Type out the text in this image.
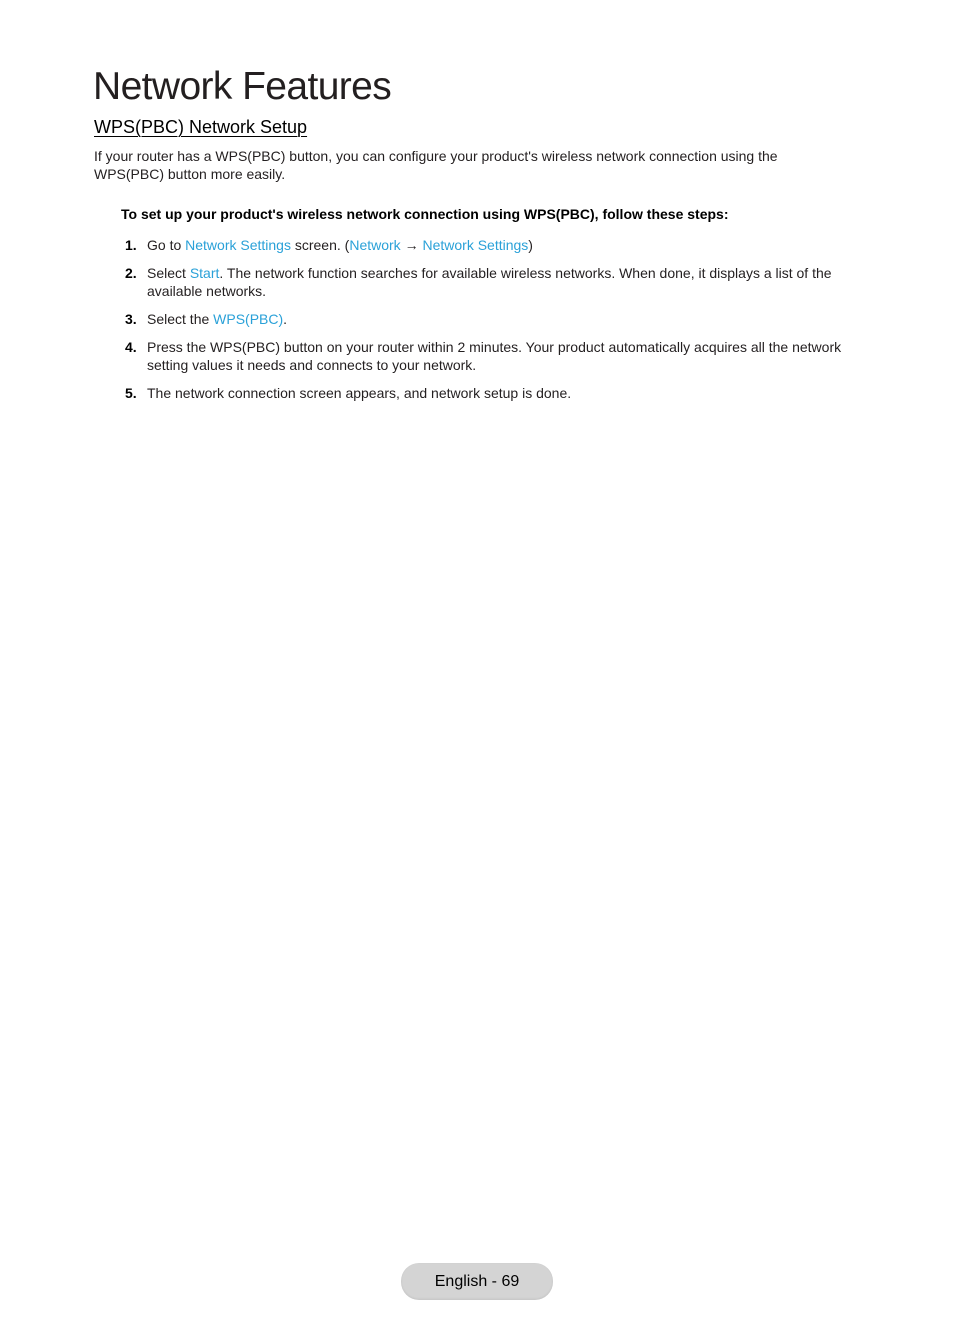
Network Features
WPS(PBC) Network Setup

If your router has a WPS(PBC) button, you can configure your product's wireless network connection using the WPS(PBC) button more easily.

To set up your product's wireless network connection using WPS(PBC), follow these steps:

1. Go to Network Settings screen. (Network → Network Settings)
2. Select Start. The network function searches for available wireless networks. When done, it displays a list of the available networks.
3. Select the WPS(PBC).
4. Press the WPS(PBC) button on your router within 2 minutes. Your product automatically acquires all the network setting values it needs and connects to your network.
5. The network connection screen appears, and network setup is done.
English - 69
